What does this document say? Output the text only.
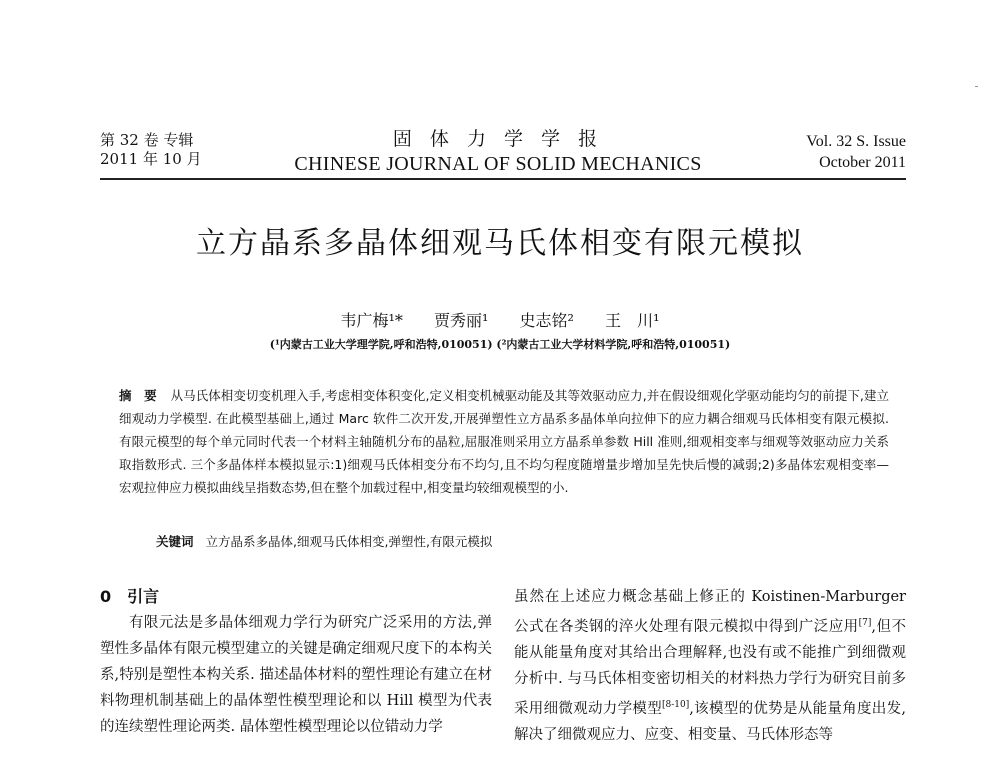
第 32 卷 专辑
2011 年 10 月
固 体 力 学 学 报
CHINESE JOURNAL OF SOLID MECHANICS
Vol. 32 S. Issue
October 2011
立方晶系多晶体细观马氏体相变有限元模拟
韦广梅¹* 贾秀丽¹ 史志铭² 王　川¹
(¹内蒙古工业大学理学院,呼和浩特,010051) (²内蒙古工业大学材料学院,呼和浩特,010051)
摘　要 从马氏体相变切变机理入手,考虑相变体积变化,定义相变机械驱动能及其等效驱动应力,并在假设细观化学驱动能均匀的前提下,建立细观动力学模型. 在此模型基础上,通过 Marc 软件二次开发,开展弹塑性立方晶系多晶体单向拉伸下的应力耦合细观马氏体相变有限元模拟. 有限元模型的每个单元同时代表一个材料主轴随机分布的晶粒,屈服准则采用立方晶系单参数 Hill 准则,细观相变率与细观等效驱动应力关系取指数形式. 三个多晶体样本模拟显示:1)细观马氏体相变分布不均匀,且不均匀程度随增量步增加呈先快后慢的减弱;2)多晶体宏观相变率—宏观拉伸应力模拟曲线呈指数态势,但在整个加载过程中,相变量均较细观模型的小.
关键词 立方晶系多晶体,细观马氏体相变,弹塑性,有限元模拟
0　引言
有限元法是多晶体细观力学行为研究广泛采用的方法,弹塑性多晶体有限元模型建立的关键是确定细观尺度下的本构关系,特别是塑性本构关系. 描述晶体材料的塑性理论有建立在材料物理机制基础上的晶体塑性模型理论和以 Hill 模型为代表的连续塑性理论两类. 晶体塑性模型理论以位错动力学
虽然在上述应力概念基础上修正的 Koistinen-Marburger 公式在各类钢的淬火处理有限元模拟中得到广泛应用[7],但不能从能量角度对其给出合理解释,也没有或不能推广到细微观分析中. 与马氏体相变密切相关的材料热力学行为研究目前多采用细微观动力学模型[8-10],该模型的优势是从能量角度出发,解决了细微观应力、应变、相变量、马氏体形态等
